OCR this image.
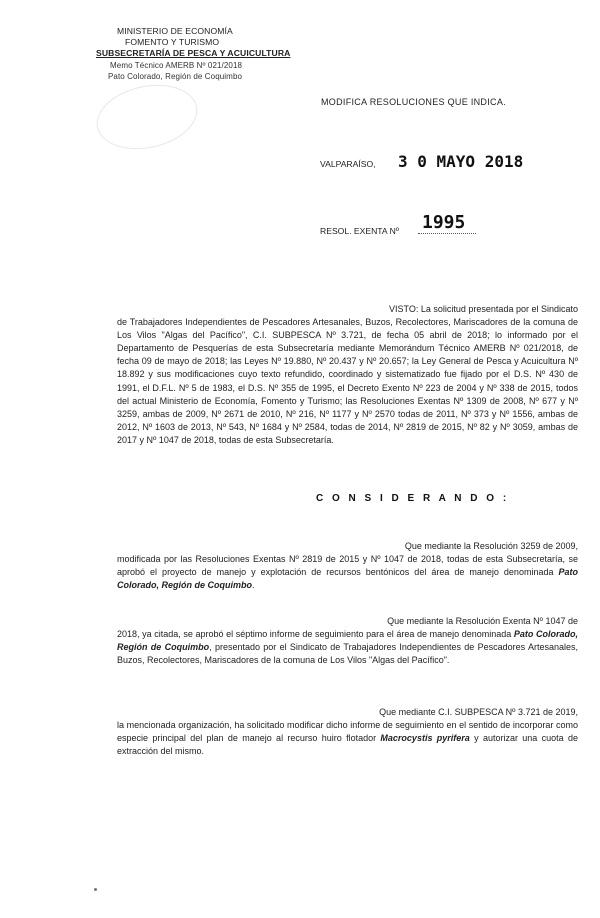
MINISTERIO DE ECONOMÍA
FOMENTO Y TURISMO
SUBSECRETARÍA DE PESCA Y ACUICULTURA
Memo Técnico AMERB Nº 021/2018
Pato Colorado, Región de Coquimbo
MODIFICA RESOLUCIONES QUE INDICA.
VALPARAÍSO, 3 0 MAYO 2018
RESOL. EXENTA Nº 1995
VISTO: La solicitud presentada por el Sindicato
de Trabajadores Independientes de Pescadores Artesanales, Buzos, Recolectores, Mariscadores de la comuna de Los Vilos "Algas del Pacífico", C.I. SUBPESCA Nº 3.721, de fecha 05 abril de 2018; lo informado por el Departamento de Pesquerías de esta Subsecretaría mediante Memorándum Técnico AMERB Nº 021/2018, de fecha 09 de mayo de 2018; las Leyes Nº 19.880, Nº 20.437 y Nº 20.657; la Ley General de Pesca y Acuicultura Nº 18.892 y sus modificaciones cuyo texto refundido, coordinado y sistematizado fue fijado por el D.S. Nº 430 de 1991, el D.F.L. Nº 5 de 1983, el D.S. Nº 355 de 1995, el Decreto Exento Nº 223 de 2004 y Nº 338 de 2015, todos del actual Ministerio de Economía, Fomento y Turismo; las Resoluciones Exentas Nº 1309 de 2008, Nº 677 y Nº 3259, ambas de 2009, Nº 2671 de 2010, Nº 216, Nº 1177 y Nº 2570 todas de 2011, Nº 373 y Nº 1556, ambas de 2012, Nº 1603 de 2013, Nº 543, Nº 1684 y Nº 2584, todas de 2014, Nº 2819 de 2015, Nº 82 y Nº 3059, ambas de 2017 y Nº 1047 de 2018, todas de esta Subsecretaría.
C O N S I D E R A N D O :
Que mediante la Resolución 3259 de 2009,
modificada por las Resoluciones Exentas Nº 2819 de 2015 y Nº 1047 de 2018, todas de esta Subsecretaría, se aprobó el proyecto de manejo y explotación de recursos bentónicos del área de manejo denominada Pato Colorado, Región de Coquimbo.
Que mediante la Resolución Exenta Nº 1047 de
2018, ya citada, se aprobó el séptimo informe de seguimiento para el área de manejo denominada Pato Colorado, Región de Coquimbo, presentado por el Sindicato de Trabajadores Independientes de Pescadores Artesanales, Buzos, Recolectores, Mariscadores de la comuna de Los Vilos "Algas del Pacífico".
Que mediante C.I. SUBPESCA Nº 3.721 de 2019,
la mencionada organización, ha solicitado modificar dicho informe de seguimiento en el sentido de incorporar como especie principal del plan de manejo al recurso huiro flotador Macrocystis pyrifera y autorizar una cuota de extracción del mismo.
